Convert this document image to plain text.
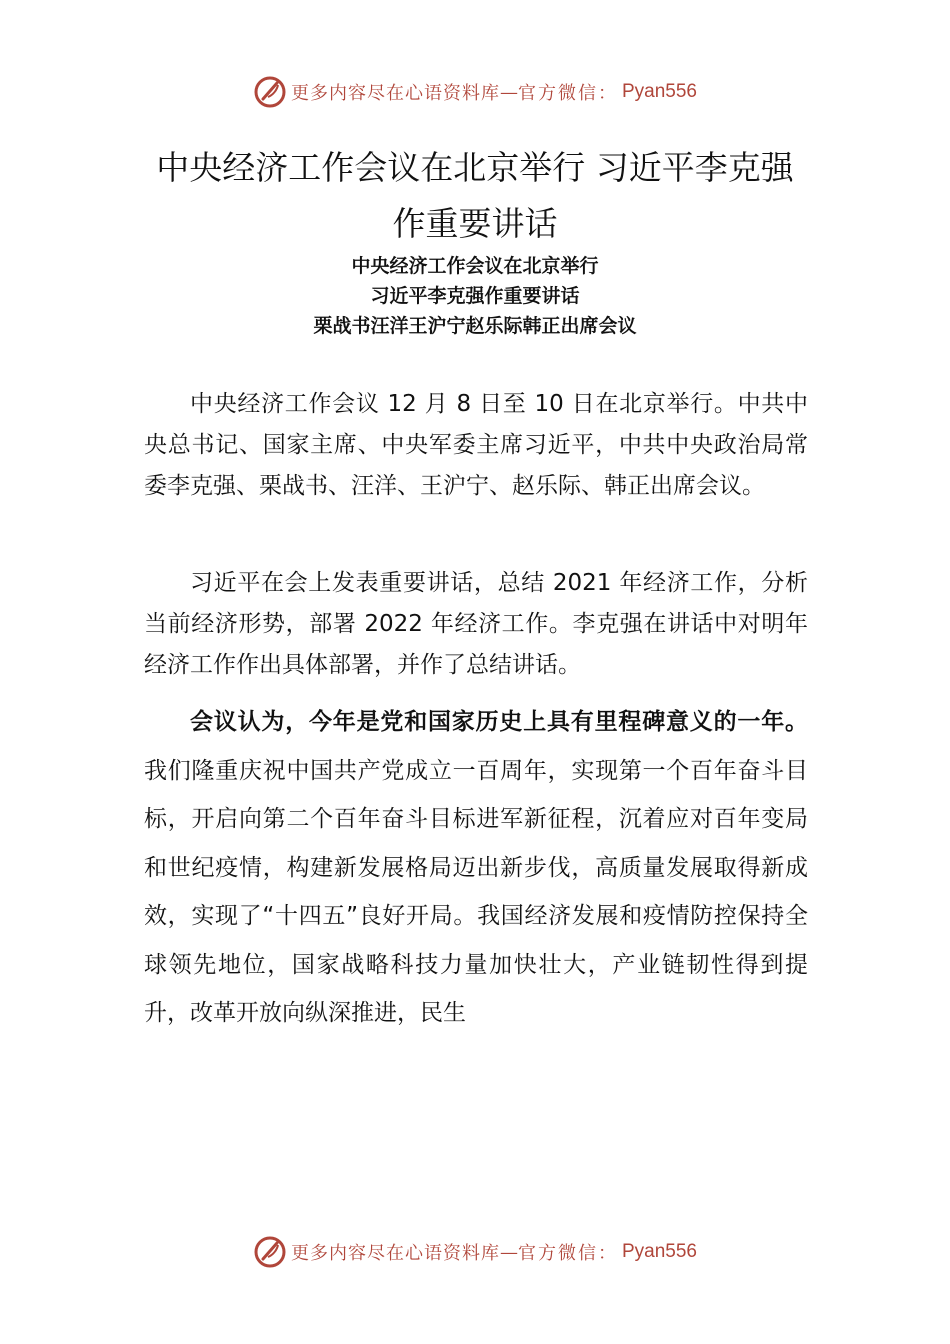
更多内容尽在心语资料库 — 官方微信： Pyan556
中央经济工作会议在北京举行 习近平李克强作重要讲话

中央经济工作会议在北京举行

习近平李克强作重要讲话

栗战书汪洋王沪宁赵乐际韩正出席会议

中央经济工作会议 12 月 8 日至 10 日在北京举行。中共中央总书记、国家主席、中央军委主席习近平，中共中央政治局常委李克强、栗战书、汪洋、王沪宁、赵乐际、韩正出席会议。

习近平在会上发表重要讲话，总结 2021 年经济工作，分析当前经济形势，部署 2022 年经济工作。李克强在讲话中对明年经济工作作出具体部署，并作了总结讲话。

会议认为，今年是党和国家历史上具有里程碑意义的一年。我们隆重庆祝中国共产党成立一百周年，实现第一个百年奋斗目标，开启向第二个百年奋斗目标进军新征程，沉着应对百年变局和世纪疫情，构建新发展格局迈出新步伐，高质量发展取得新成效，实现了“十四五”良好开局。我国经济发展和疫情防控保持全球领先地位，国家战略科技力量加快壮大，产业链韧性得到提升，改革开放向纵深推进，民生

更多内容尽在心语资料库 — 官方微信： Pyan556
